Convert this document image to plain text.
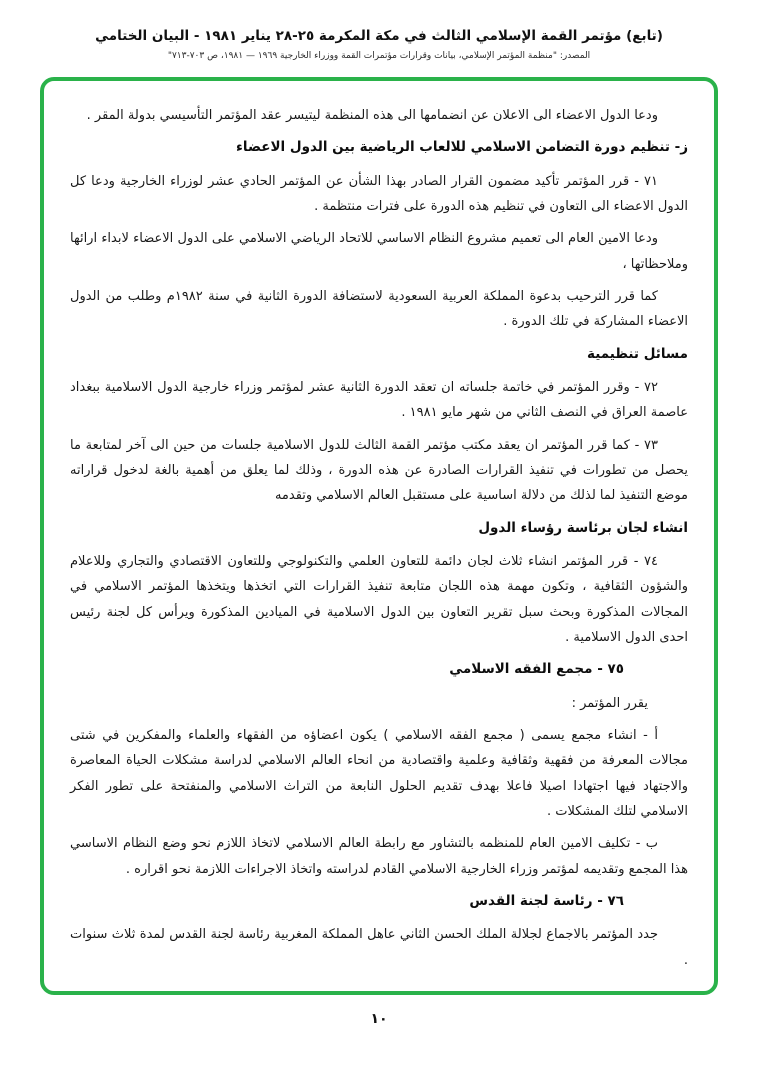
(تابع) مؤتمر القمة الإسلامي الثالث في مكة المكرمة ٢٥-٢٨ يناير ١٩٨١ - البيان الختامي
المصدر: "منظمة المؤتمر الإسلامي، بيانات وقرارات مؤتمرات القمة ووزراء الخارجية ١٩٦٩ — ١٩٨١، ص ٧٠٣-٧١٣"
ودعا الدول الاعضاء الى الاعلان عن انضمامها الى هذه المنظمة ليتيسر عقد المؤتمر التأسيسي بدولة المقر .
ز- تنظيم دورة التضامن الاسلامي للالعاب الرياضية بين الدول الاعضاء
٧١ - قرر المؤتمر تأكيد مضمون القرار الصادر بهذا الشأن عن المؤتمر الحادي عشر لوزراء الخارجية ودعا كل الدول الاعضاء الى التعاون في تنظيم هذه الدورة على فترات منتظمة .
ودعا الامين العام الى تعميم مشروع النظام الاساسي للاتحاد الرياضي الاسلامي على الدول الاعضاء لابداء ارائها وملاحظاتها ،
كما قرر الترحيب بدعوة المملكة العربية السعودية لاستضافة الدورة الثانية في سنة ١٩٨٢م وطلب من الدول الاعضاء المشاركة في تلك الدورة .
مسائل تنظيمية
٧٢ - وقرر المؤتمر في خاتمة جلساته ان تعقد الدورة الثانية عشر لمؤتمر وزراء خارجية الدول الاسلامية ببغداد عاصمة العراق في النصف الثاني من شهر مايو ١٩٨١ .
٧٣ - كما قرر المؤتمر ان يعقد مكتب مؤتمر القمة الثالث للدول الاسلامية جلسات من حين الى آخر لمتابعة ما يحصل من تطورات في تنفيذ القرارات الصادرة عن هذه الدورة ، وذلك لما يعلق من أهمية بالغة لدخول قراراته موضع التنفيذ لما لذلك من دلالة اساسية على مستقبل العالم الاسلامي وتقدمه
انشاء لجان برئاسة رؤساء الدول
٧٤ - قرر المؤتمر انشاء ثلاث لجان دائمة للتعاون العلمي والتكنولوجي وللتعاون الاقتصادي والتجاري وللاعلام والشؤون الثقافية ، وتكون مهمة هذه اللجان متابعة تنفيذ القرارات التي اتخذها ويتخذها المؤتمر الاسلامي في المجالات المذكورة وبحث سبل تقرير التعاون بين الدول الاسلامية في الميادين المذكورة ويرأس كل لجنة رئيس احدى الدول الاسلامية .
٧٥ - مجمع الفقه الاسلامي
يقرر المؤتمر :
أ - انشاء مجمع يسمى ( مجمع الفقه الاسلامي ) يكون اعضاؤه من الفقهاء والعلماء والمفكرين في شتى مجالات المعرفة من فقهية وثقافية وعلمية واقتصادية من انحاء العالم الاسلامي لدراسة مشكلات الحياة المعاصرة والاجتهاد فيها اجتهادا اصيلا فاعلا بهدف تقديم الحلول النابعة من التراث الاسلامي والمنفتحة على تطور الفكر الاسلامي لتلك المشكلات .
ب - تكليف الامين العام للمنظمه بالتشاور مع رابطة العالم الاسلامي لاتخاذ اللازم نحو وضع النظام الاساسي هذا المجمع وتقديمه لمؤتمر وزراء الخارجية الاسلامي القادم لدراسته واتخاذ الاجراءات اللازمة نحو اقراره .
٧٦ - رئاسة لجنة القدس
جدد المؤتمر بالاجماع لجلالة الملك الحسن الثاني عاهل المملكة المغربية رئاسة لجنة القدس لمدة ثلاث سنوات .
١٠
